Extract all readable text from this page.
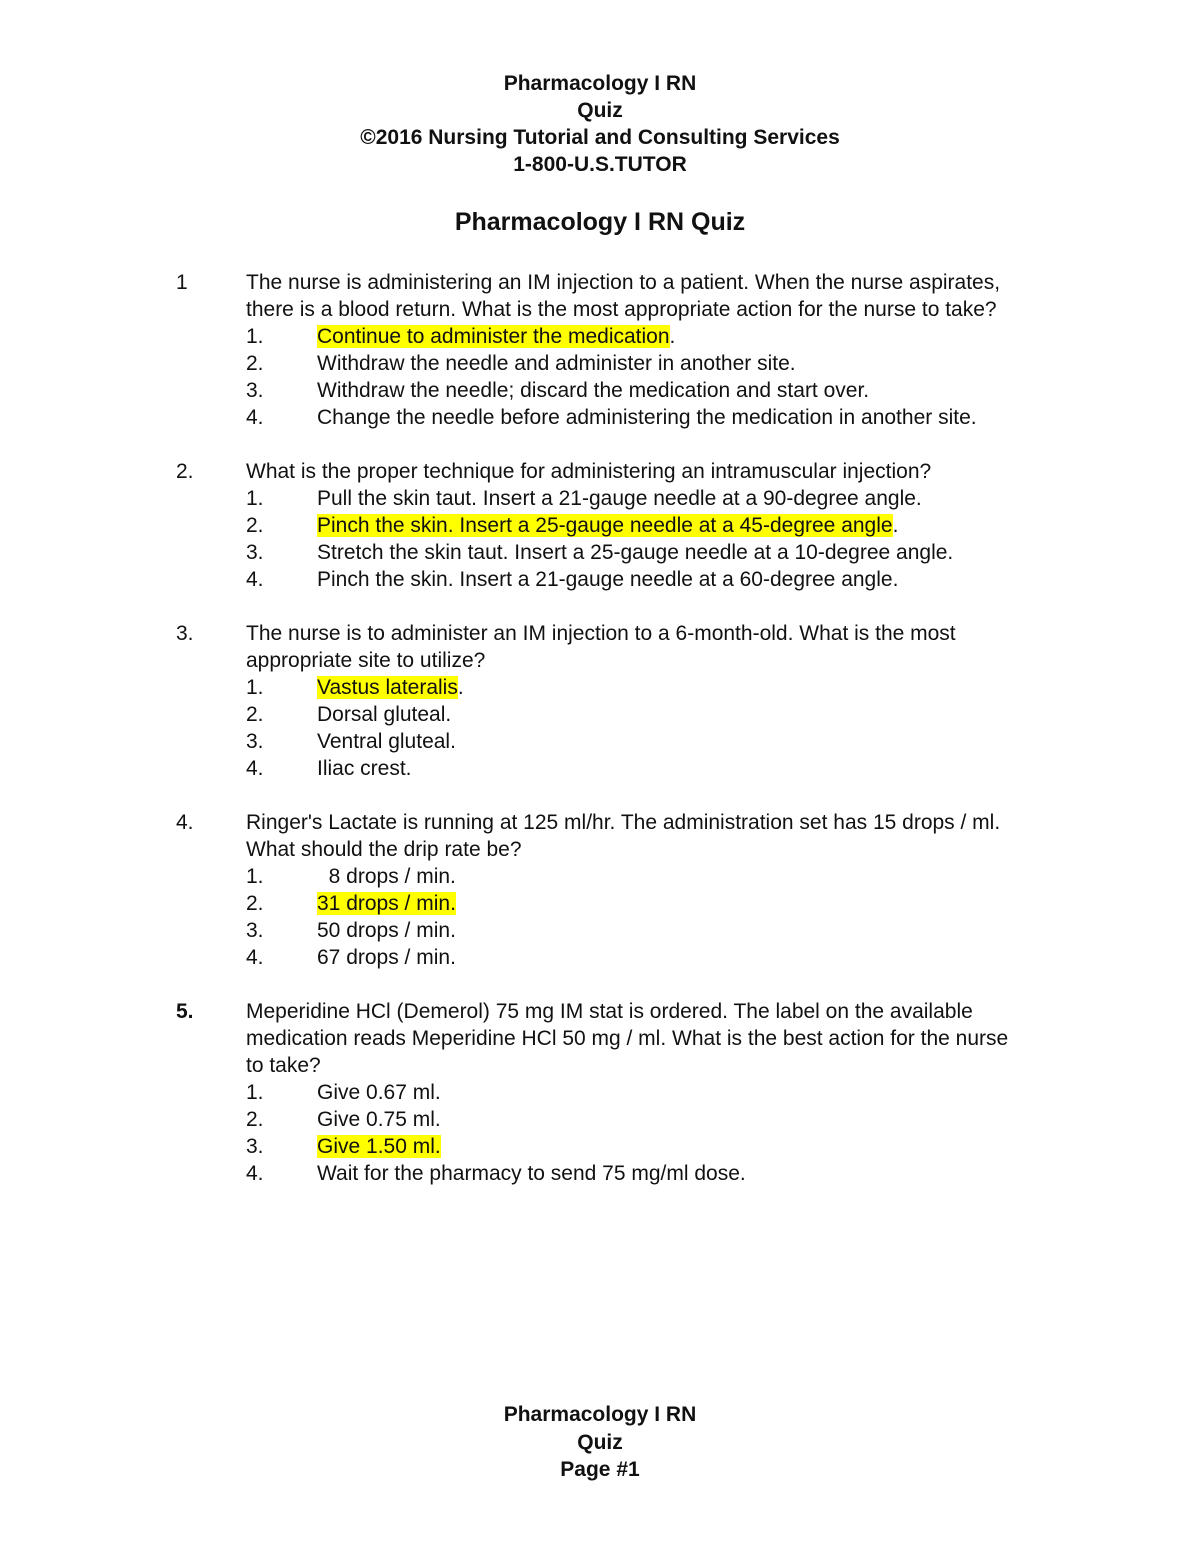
Pharmacology I RN
Quiz
©2016 Nursing Tutorial and Consulting Services
1-800-U.S.TUTOR
Pharmacology I RN Quiz
1	The nurse is administering an IM injection to a patient. When the nurse aspirates, there is a blood return. What is the most appropriate action for the nurse to take?
1.	Continue to administer the medication.
2.	Withdraw the needle and administer in another site.
3.	Withdraw the needle; discard the medication and start over.
4.	Change the needle before administering the medication in another site.
2.	What is the proper technique for administering an intramuscular injection?
1.	Pull the skin taut. Insert a 21-gauge needle at a 90-degree angle.
2.	Pinch the skin. Insert a 25-gauge needle at a 45-degree angle.
3.	Stretch the skin taut. Insert a 25-gauge needle at a 10-degree angle.
4.	Pinch the skin. Insert a 21-gauge needle at a 60-degree angle.
3.	The nurse is to administer an IM injection to a 6-month-old. What is the most appropriate site to utilize?
1.	Vastus lateralis.
2.	Dorsal gluteal.
3.	Ventral gluteal.
4.	Iliac crest.
4.	Ringer's Lactate is running at 125 ml/hr. The administration set has 15 drops / ml. What should the drip rate be?
1.	8 drops / min.
2.	31 drops / min.
3.	50 drops / min.
4.	67 drops / min.
5.	Meperidine HCl (Demerol) 75 mg IM stat is ordered. The label on the available medication reads Meperidine HCl 50 mg / ml. What is the best action for the nurse to take?
1.	Give 0.67 ml.
2.	Give 0.75 ml.
3.	Give 1.50 ml.
4.	Wait for the pharmacy to send 75 mg/ml dose.
Pharmacology I RN
Quiz
Page #1
